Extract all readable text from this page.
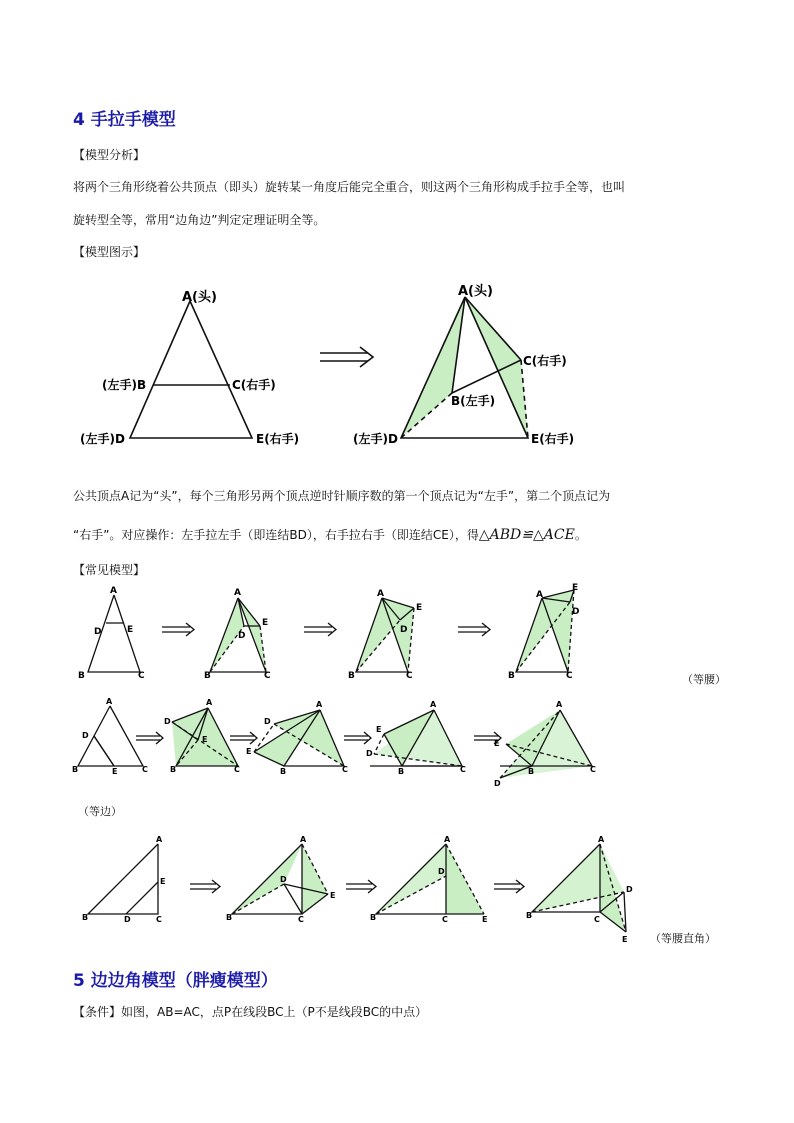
4 手拉手模型
【模型分析】
将两个三角形绕着公共顶点（即头）旋转某一角度后能完全重合，则这两个三角形构成手拉手全等，也叫
旋转型全等，常用“边角边”判定定理证明全等。
【模型图示】
A(头)
(左手)B	C(右手)
(左手)D	E(右手)
A(头)
B(左手)
C(右手)
(左手)D	E(右手)
公共顶点A记为“头”，每个三角形另两个顶点逆时针顺序数的第一个顶点记为“左手”，第二个顶点记为
“右手”。对应操作：左手拉左手（即连结BD），右手拉右手（即连结CE），得△ABD≌△ACE。
【常见模型】
A
D	E
B	C
A
D
E
B	C
A
D
E
B	C
A
D
E
B	C	（等腰）
A
D
E
B	C
A
D
E
B	C
A
D
E
B	C
A
E
D
B	C
A
E
D
B	C
（等边）
A
E
B	D	C
A
D
E
B	C
A
D
B	C	E
A
D
B	C
E （等腰直角）
5 边边角模型（胖瘦模型）
【条件】如图，AB=AC，点P在线段BC上（P不是线段BC的中点）
